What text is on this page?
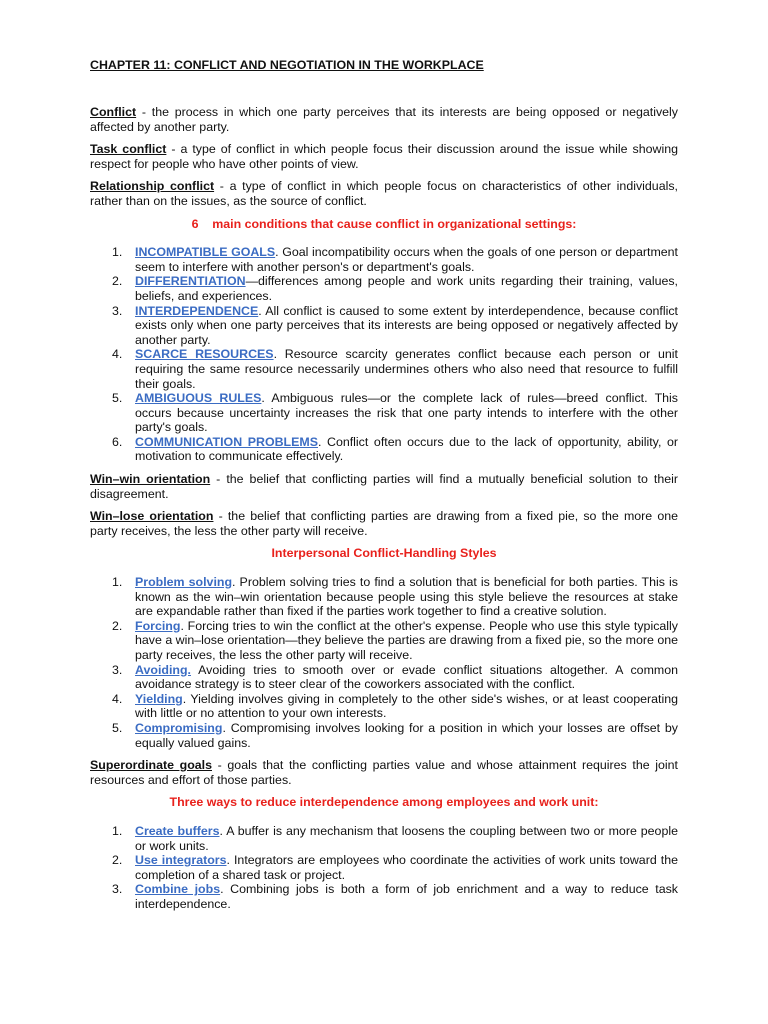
CHAPTER 11: CONFLICT AND NEGOTIATION IN THE WORKPLACE

Conflict - the process in which one party perceives that its interests are being opposed or negatively affected by another party.

Task conflict - a type of conflict in which people focus their discussion around the issue while showing respect for people who have other points of view.

Relationship conflict - a type of conflict in which people focus on characteristics of other individuals, rather than on the issues, as the source of conflict.

6    main conditions that cause conflict in organizational settings:

1. INCOMPATIBLE GOALS. Goal incompatibility occurs when the goals of one person or department seem to interfere with another person's or department's goals.
2. DIFFERENTIATION—differences among people and work units regarding their training, values, beliefs, and experiences.
3. INTERDEPENDENCE. All conflict is caused to some extent by interdependence, because conflict exists only when one party perceives that its interests are being opposed or negatively affected by another party.
4. SCARCE RESOURCES. Resource scarcity generates conflict because each person or unit requiring the same resource necessarily undermines others who also need that resource to fulfill their goals.
5. AMBIGUOUS RULES. Ambiguous rules—or the complete lack of rules—breed conflict. This occurs because uncertainty increases the risk that one party intends to interfere with the other party's goals.
6. COMMUNICATION PROBLEMS. Conflict often occurs due to the lack of opportunity, ability, or motivation to communicate effectively.

Win–win orientation - the belief that conflicting parties will find a mutually beneficial solution to their disagreement.

Win–lose orientation - the belief that conflicting parties are drawing from a fixed pie, so the more one party receives, the less the other party will receive.

Interpersonal Conflict-Handling Styles

1. Problem solving. Problem solving tries to find a solution that is beneficial for both parties. This is known as the win–win orientation because people using this style believe the resources at stake are expandable rather than fixed if the parties work together to find a creative solution.
2. Forcing. Forcing tries to win the conflict at the other's expense. People who use this style typically have a win–lose orientation—they believe the parties are drawing from a fixed pie, so the more one party receives, the less the other party will receive.
3. Avoiding. Avoiding tries to smooth over or evade conflict situations altogether. A common avoidance strategy is to steer clear of the coworkers associated with the conflict.
4. Yielding. Yielding involves giving in completely to the other side's wishes, or at least cooperating with little or no attention to your own interests.
5. Compromising. Compromising involves looking for a position in which your losses are offset by equally valued gains.

Superordinate goals - goals that the conflicting parties value and whose attainment requires the joint resources and effort of those parties.

Three ways to reduce interdependence among employees and work unit:

1. Create buffers. A buffer is any mechanism that loosens the coupling between two or more people or work units.
2. Use integrators. Integrators are employees who coordinate the activities of work units toward the completion of a shared task or project.
3. Combine jobs. Combining jobs is both a form of job enrichment and a way to reduce task interdependence.
